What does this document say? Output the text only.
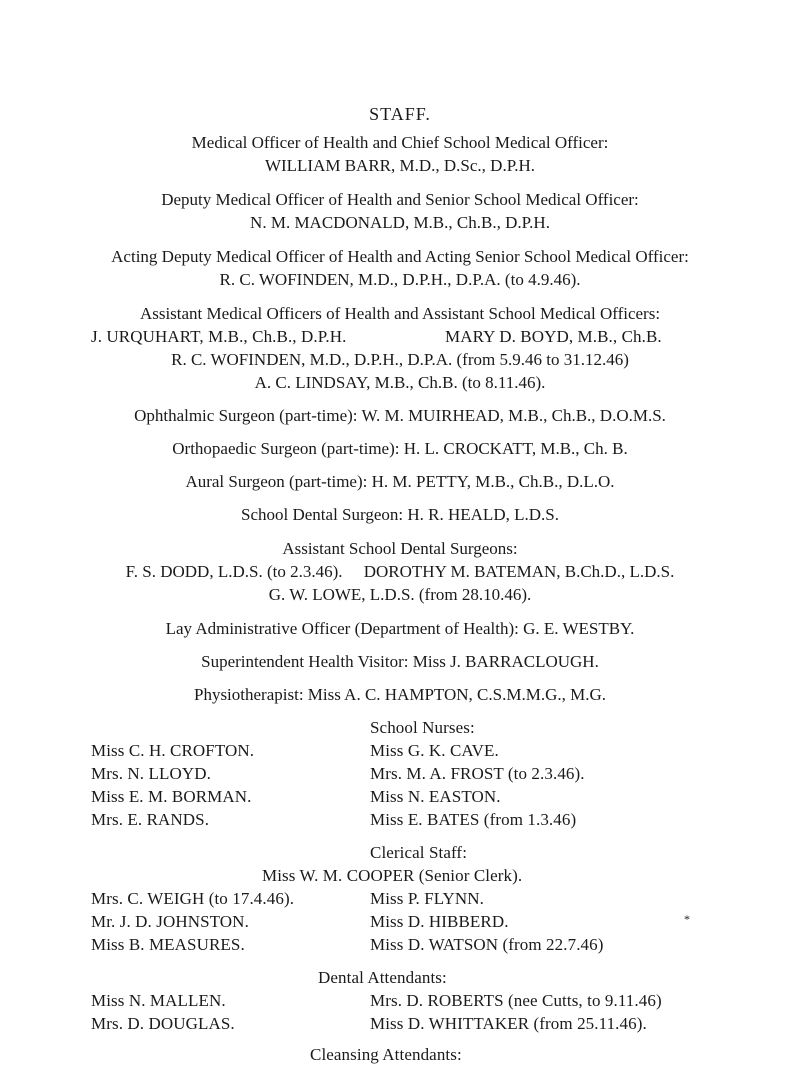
STAFF.
Medical Officer of Health and Chief School Medical Officer:
WILLIAM BARR, M.D., D.Sc., D.P.H.
Deputy Medical Officer of Health and Senior School Medical Officer:
N. M. MACDONALD, M.B., Ch.B., D.P.H.
Acting Deputy Medical Officer of Health and Acting Senior School Medical Officer:
R. C. WOFINDEN, M.D., D.P.H., D.P.A. (to 4.9.46).
Assistant Medical Officers of Health and Assistant School Medical Officers:
J. URQUHART, M.B., Ch.B., D.P.H.	MARY D. BOYD, M.B., Ch.B.
R. C. WOFINDEN, M.D., D.P.H., D.P.A. (from 5.9.46 to 31.12.46)
A. C. LINDSAY, M.B., Ch.B. (to 8.11.46).
Ophthalmic Surgeon (part-time): W. M. MUIRHEAD, M.B., Ch.B., D.O.M.S.
Orthopaedic Surgeon (part-time): H. L. CROCKATT, M.B., Ch. B.
Aural Surgeon (part-time): H. M. PETTY, M.B., Ch.B., D.L.O.
School Dental Surgeon: H. R. HEALD, L.D.S.
Assistant School Dental Surgeons:
F. S. DODD, L.D.S. (to 2.3.46).     DOROTHY M. BATEMAN, B.Ch.D., L.D.S.
G. W. LOWE, L.D.S. (from 28.10.46).
Lay Administrative Officer (Department of Health): G. E. WESTBY.
Superintendent Health Visitor: Miss J. BARRACLOUGH.
Physiotherapist: Miss A. C. HAMPTON, C.S.M.M.G., M.G.
School Nurses:
Miss C. H. CROFTON.
Mrs. N. LLOYD.
Miss E. M. BORMAN.
Mrs. E. RANDS.
Miss G. K. CAVE.
Mrs. M. A. FROST (to 2.3.46).
Miss N. EASTON.
Miss E. BATES (from 1.3.46)
Clerical Staff:
Miss W. M. COOPER (Senior Clerk).
Mrs. C. WEIGH (to 17.4.46).
Mr. J. D. JOHNSTON.
Miss B. MEASURES.
Miss P. FLYNN.
Miss D. HIBBERD.
Miss D. WATSON (from 22.7.46)
*
Dental Attendants:
Miss N. MALLEN.
Mrs. D. DOUGLAS.
Mrs. D. ROBERTS (nee Cutts, to 9.11.46)
Miss D. WHITTAKER (from 25.11.46).
Cleansing Attendants:
